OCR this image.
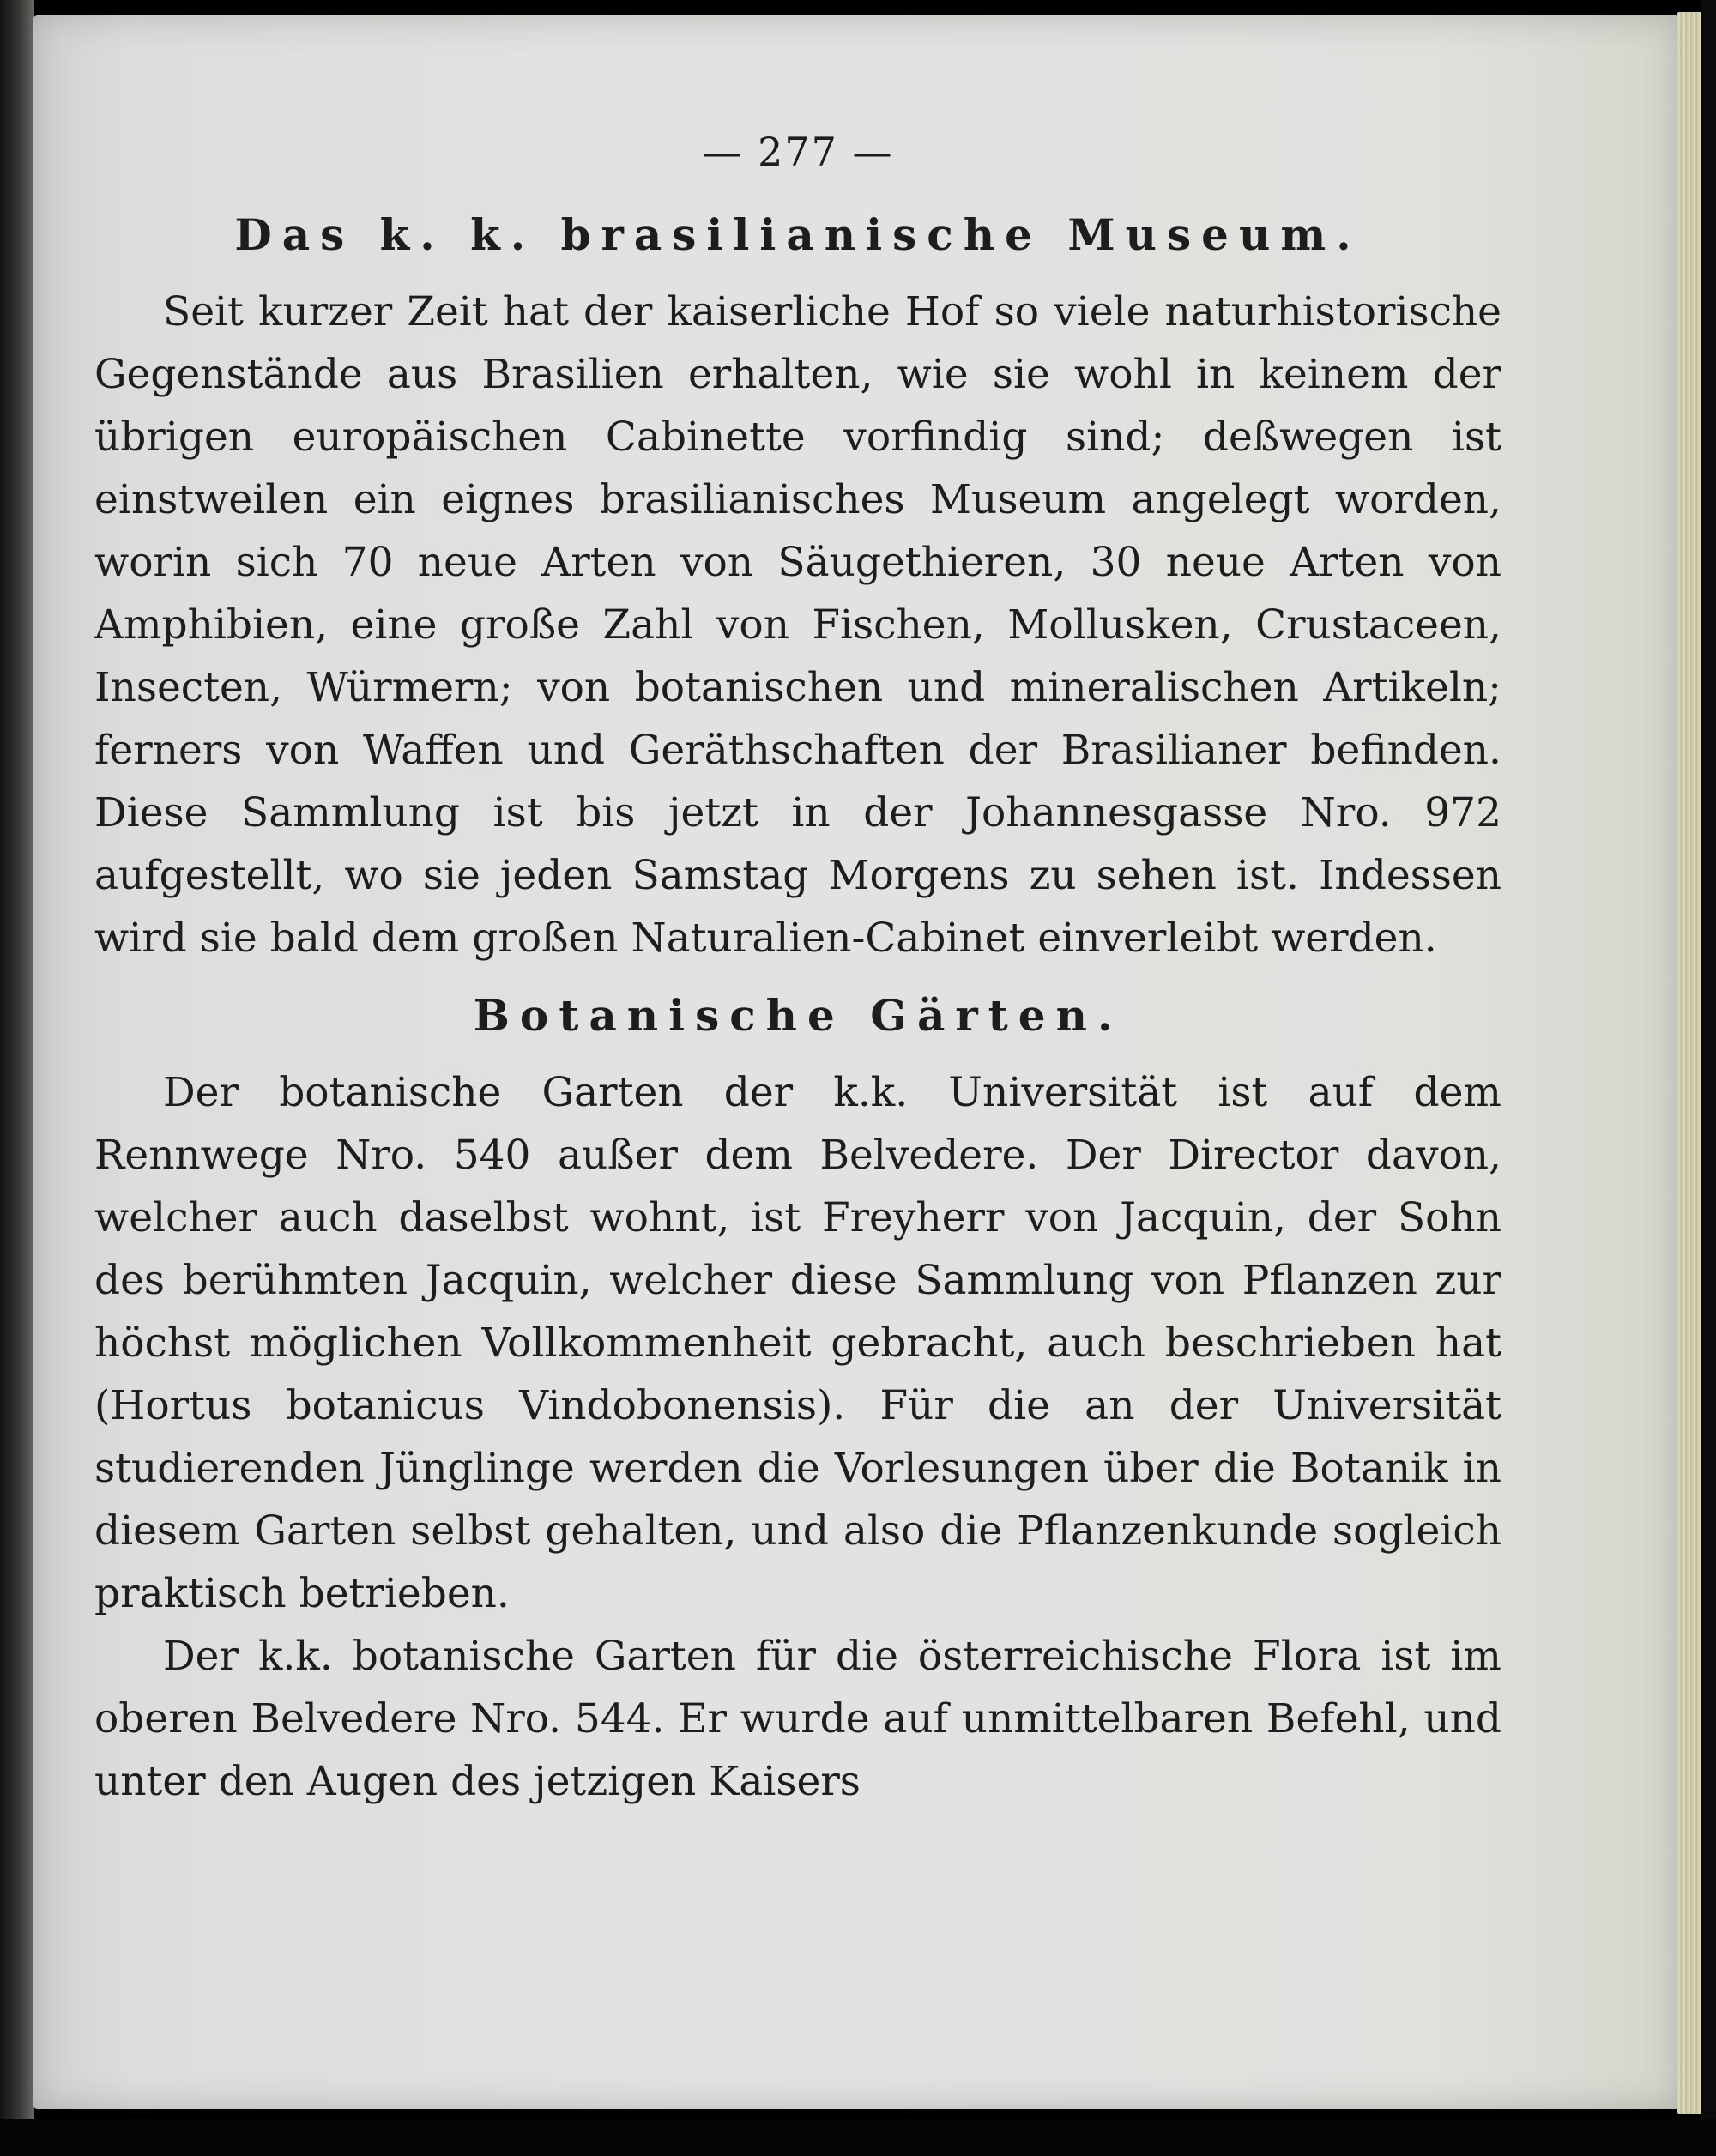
— 277 —
Das k. k. brasilianische Museum.

Seit kurzer Zeit hat der kaiserliche Hof so viele naturhistorische Gegenstände aus Brasilien erhalten, wie sie wohl in keinem der übrigen europäischen Cabinette vorfindig sind; deßwegen ist einstweilen ein eignes brasilianisches Museum angelegt worden, worin sich 70 neue Arten von Säugethieren, 30 neue Arten von Amphibien, eine große Zahl von Fischen, Mollusken, Crustaceen, Insecten, Würmern; von botanischen und mineralischen Artikeln; ferners von Waffen und Geräthschaften der Brasilianer befinden. Diese Sammlung ist bis jetzt in der Johannesgasse Nro. 972 aufgestellt, wo sie jeden Samstag Morgens zu sehen ist. Indessen wird sie bald dem großen Naturalien-Cabinet einverleibt werden.

Botanische Gärten.

Der botanische Garten der k.k. Universität ist auf dem Rennwege Nro. 540 außer dem Belvedere. Der Director davon, welcher auch daselbst wohnt, ist Freyherr von Jacquin, der Sohn des berühmten Jacquin, welcher diese Sammlung von Pflanzen zur höchst möglichen Vollkommenheit gebracht, auch beschrieben hat (Hortus botanicus Vindobonensis). Für die an der Universität studierenden Jünglinge werden die Vorlesungen über die Botanik in diesem Garten selbst gehalten, und also die Pflanzenkunde sogleich praktisch betrieben.

Der k.k. botanische Garten für die österreichische Flora ist im oberen Belvedere Nro. 544. Er wurde auf unmittelbaren Befehl, und unter den Augen des jetzigen Kaisers
